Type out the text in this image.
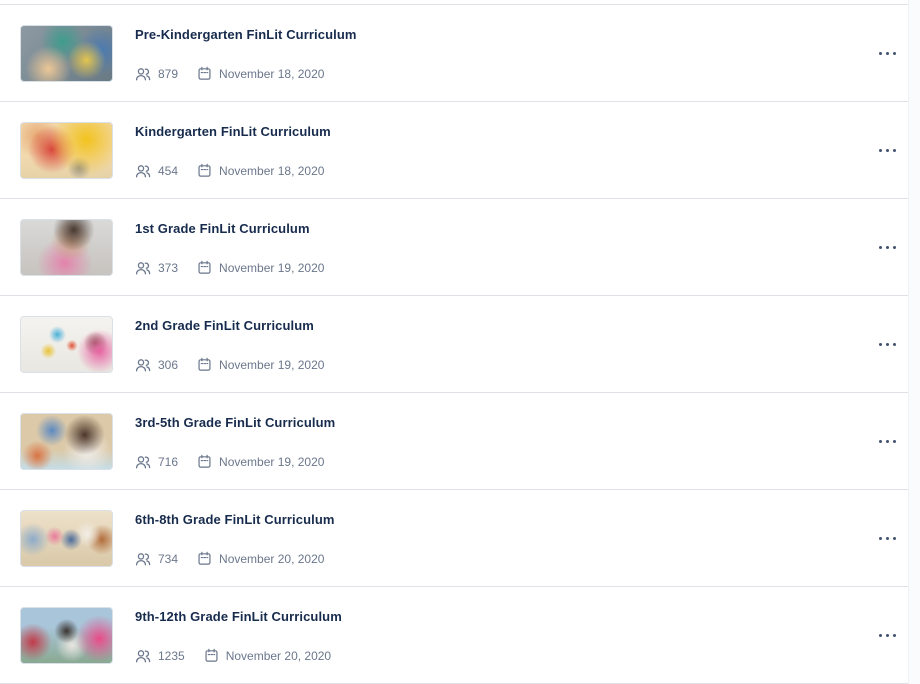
Pre-Kindergarten FinLit Curriculum
879	November 18, 2020
Kindergarten FinLit Curriculum
454	November 18, 2020
1st Grade FinLit Curriculum
373	November 19, 2020
2nd Grade FinLit Curriculum
306	November 19, 2020
3rd-5th Grade FinLit Curriculum
716	November 19, 2020
6th-8th Grade FinLit Curriculum
734	November 20, 2020
9th-12th Grade FinLit Curriculum
1235	November 20, 2020
